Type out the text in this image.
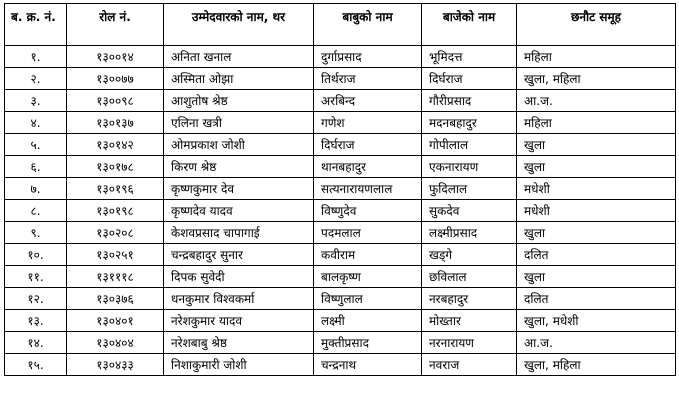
ब. क्र. नं.	रोल नं.	उम्मेदवारको नाम, थर	बाबुको नाम	बाजेको नाम	छनौट समूह
१.	१३००१४	अनिता खनाल	दुर्गाप्रसाद	भूमिदत्त	महिला
२.	१३००७७	अस्मिता ओझा	तिर्थराज	दिर्घराज	खुला, महिला
३.	१३००९८	आशुतोष श्रेष्ठ	अरबिन्द	गौरीप्रसाद	आ.ज.
४.	१३०१३७	एलिना खत्री	गणेश	मदनबहादुर	महिला
५.	१३०१४२	ओमप्रकाश जोशी	दिर्घराज	गोपीलाल	खुला
६.	१३०१७८	किरण श्रेष्ठ	थानबहादुर	एकनारायण	खुला
७.	१३०१९६	कृष्णकुमार देव	सत्यनारायणलाल	फुदिलाल	मधेशी
८.	१३०१९८	कृष्णदेव यादव	विष्णुदेव	सुकदेव	मधेशी
९.	१३०२०८	केशवप्रसाद चापागाई	पदमलाल	लक्ष्मीप्रसाद	खुला
१०.	१३०२५१	चन्द्रबहादुर सुनार	कवीराम	खड्गे	दलित
११.	१३१११८	दिपक सुवेदी	बालकृष्ण	छविलाल	खुला
१२.	१३०३७६	धनकुमार विश्वकर्मा	विष्णुलाल	नरबहादुर	दलित
१३.	१३०४०१	नरेशकुमार यादव	लक्ष्मी	मोख्तार	खुला, मधेशी
१४.	१३०४०४	नरेशबाबु श्रेष्ठ	मुक्तीप्रसाद	नरनारायण	आ.ज.
१५.	१३०४३३	निशाकुमारी जोशी	चन्द्रनाथ	नवराज	खुला, महिला
